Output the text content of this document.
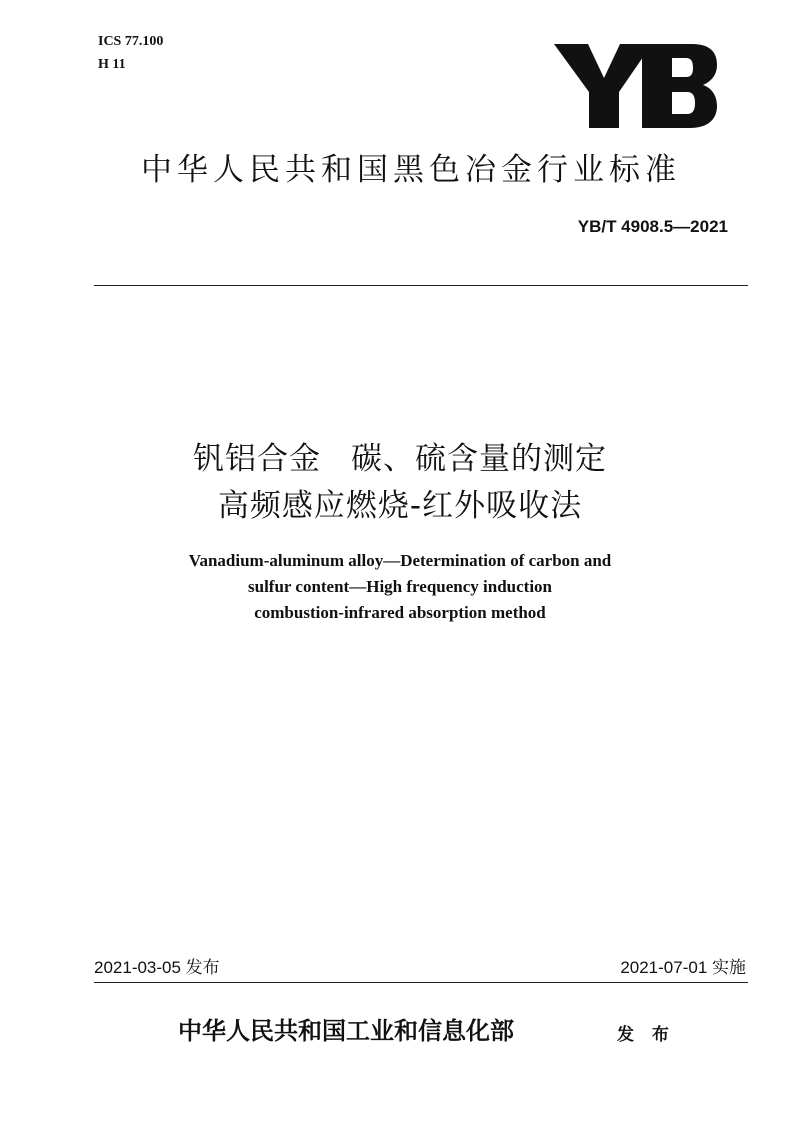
ICS 77.100
H 11
中华人民共和国黑色冶金行业标准
YB/T 4908.5—2021
钒铝合金 碳、硫含量的测定
高频感应燃烧-红外吸收法
Vanadium-aluminum alloy—Determination of carbon and
sulfur content—High frequency induction
combustion-infrared absorption method
2021-03-05 发布	2021-07-01 实施
中华人民共和国工业和信息化部	发 布
